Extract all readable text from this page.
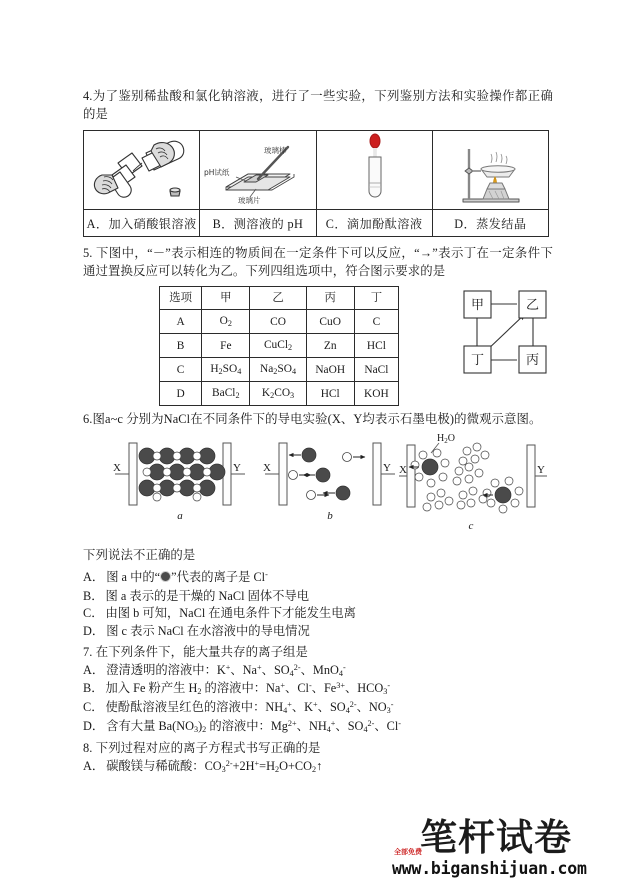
4.为了鉴别稀盐酸和氯化钠溶液，进行了一些实验，下列鉴别方法和实验操作都正确的是

玻璃棒
pH试纸
玻璃片

A．加入硝酸银溶液	B．测溶液的 pH	C．滴加酚酞溶液	D．蒸发结晶
5. 下图中，“－”表示相连的物质间在一定条件下可以反应，“→”表示丁在一定条件下通过置换反应可以转化为乙。下列四组选项中，符合图示要求的是
选项	甲	乙	丙	丁
A	$O_2$	CO	CuO	C
B	Fe	CuCl$_2$	Zn	HCl
C	$H_2SO_4$	$Na_2SO_4$	NaOH	NaCl
D	BaCl$_2$	$K_2CO_3$	HCl	KOH
甲	乙
丁	丙
6.图a~c 分别为NaCl在不同条件下的导电实验(X、Y均表示石墨电极)的微观示意图。
X	Y
a
X	Y
b
X	Y
$H_2O$
c
下列说法不正确的是
A． 图 a 中的“ ”代表的离子是 Cl-
B． 图 a 表示的是干燥的 NaCl 固体不导电
C． 由图 b 可知，NaCl 在通电条件下才能发生电离
D． 图 c 表示 NaCl 在水溶液中的导电情况
7. 在下列条件下，能大量共存的离子组是
A． 澄清透明的溶液中：K+、Na+、$SO_4^{2-}$、MnO$_4$-
B． 加入 Fe 粉产生 $H_2$ 的溶液中：Na+、Cl-、$Fe^{3+}$、$HCO_3^-$
C． 使酚酞溶液呈红色的溶液中：$NH_4^+$、K+、$SO_4^{2-}$、$NO_3^-$
D． 含有大量 $Ba(NO_3)_2$ 的溶液中：$Mg^{2+}$、$NH_4^+$、$SO_4^{2-}$、Cl-
8. 下列过程对应的离子方程式书写正确的是
A． 碳酸镁与稀硫酸：$CO_3^{2-}+2H^+=H_2O+CO_2↑$
笔杆试卷
全部免费
www.biganshijuan.com
